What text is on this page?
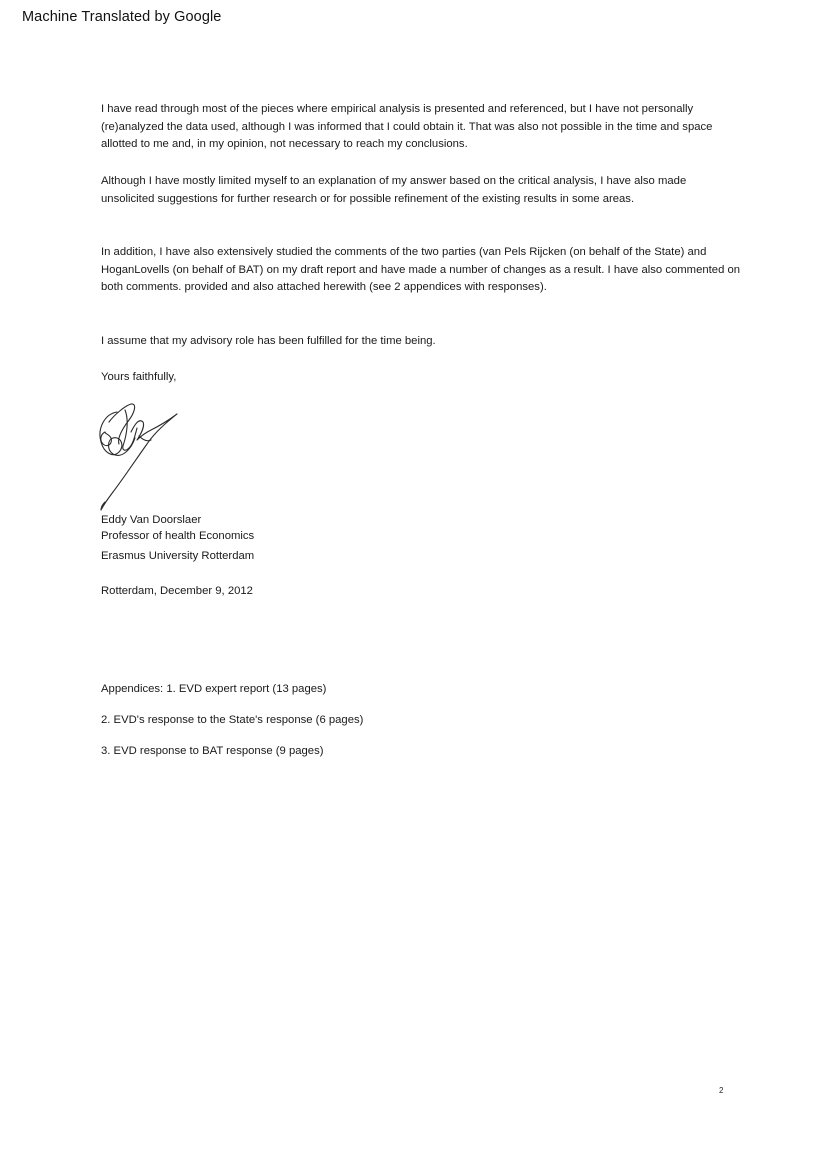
Machine Translated by Google

I have read through most of the pieces where empirical analysis is presented and referenced, but I have not personally (re)analyzed the data used, although I was informed that I could obtain it. That was also not possible in the time and space allotted to me and, in my opinion, not necessary to reach my conclusions.

Although I have mostly limited myself to an explanation of my answer based on the critical analysis, I have also made unsolicited suggestions for further research or for possible refinement of the existing results in some areas.

In addition, I have also extensively studied the comments of the two parties (van Pels Rijcken (on behalf of the State) and HoganLovells (on behalf of BAT) on my draft report and have made a number of changes as a result. I have also commented on both comments. provided and also attached herewith (see 2 appendices with responses).

I assume that my advisory role has been fulfilled for the time being.

Yours faithfully,
Eddy Van Doorslaer
Professor of health Economics
Erasmus University Rotterdam
Rotterdam, December 9, 2012
Appendices: 1. EVD expert report (13 pages)
2. EVD's response to the State's response (6 pages)
3. EVD response to BAT response (9 pages)
2
